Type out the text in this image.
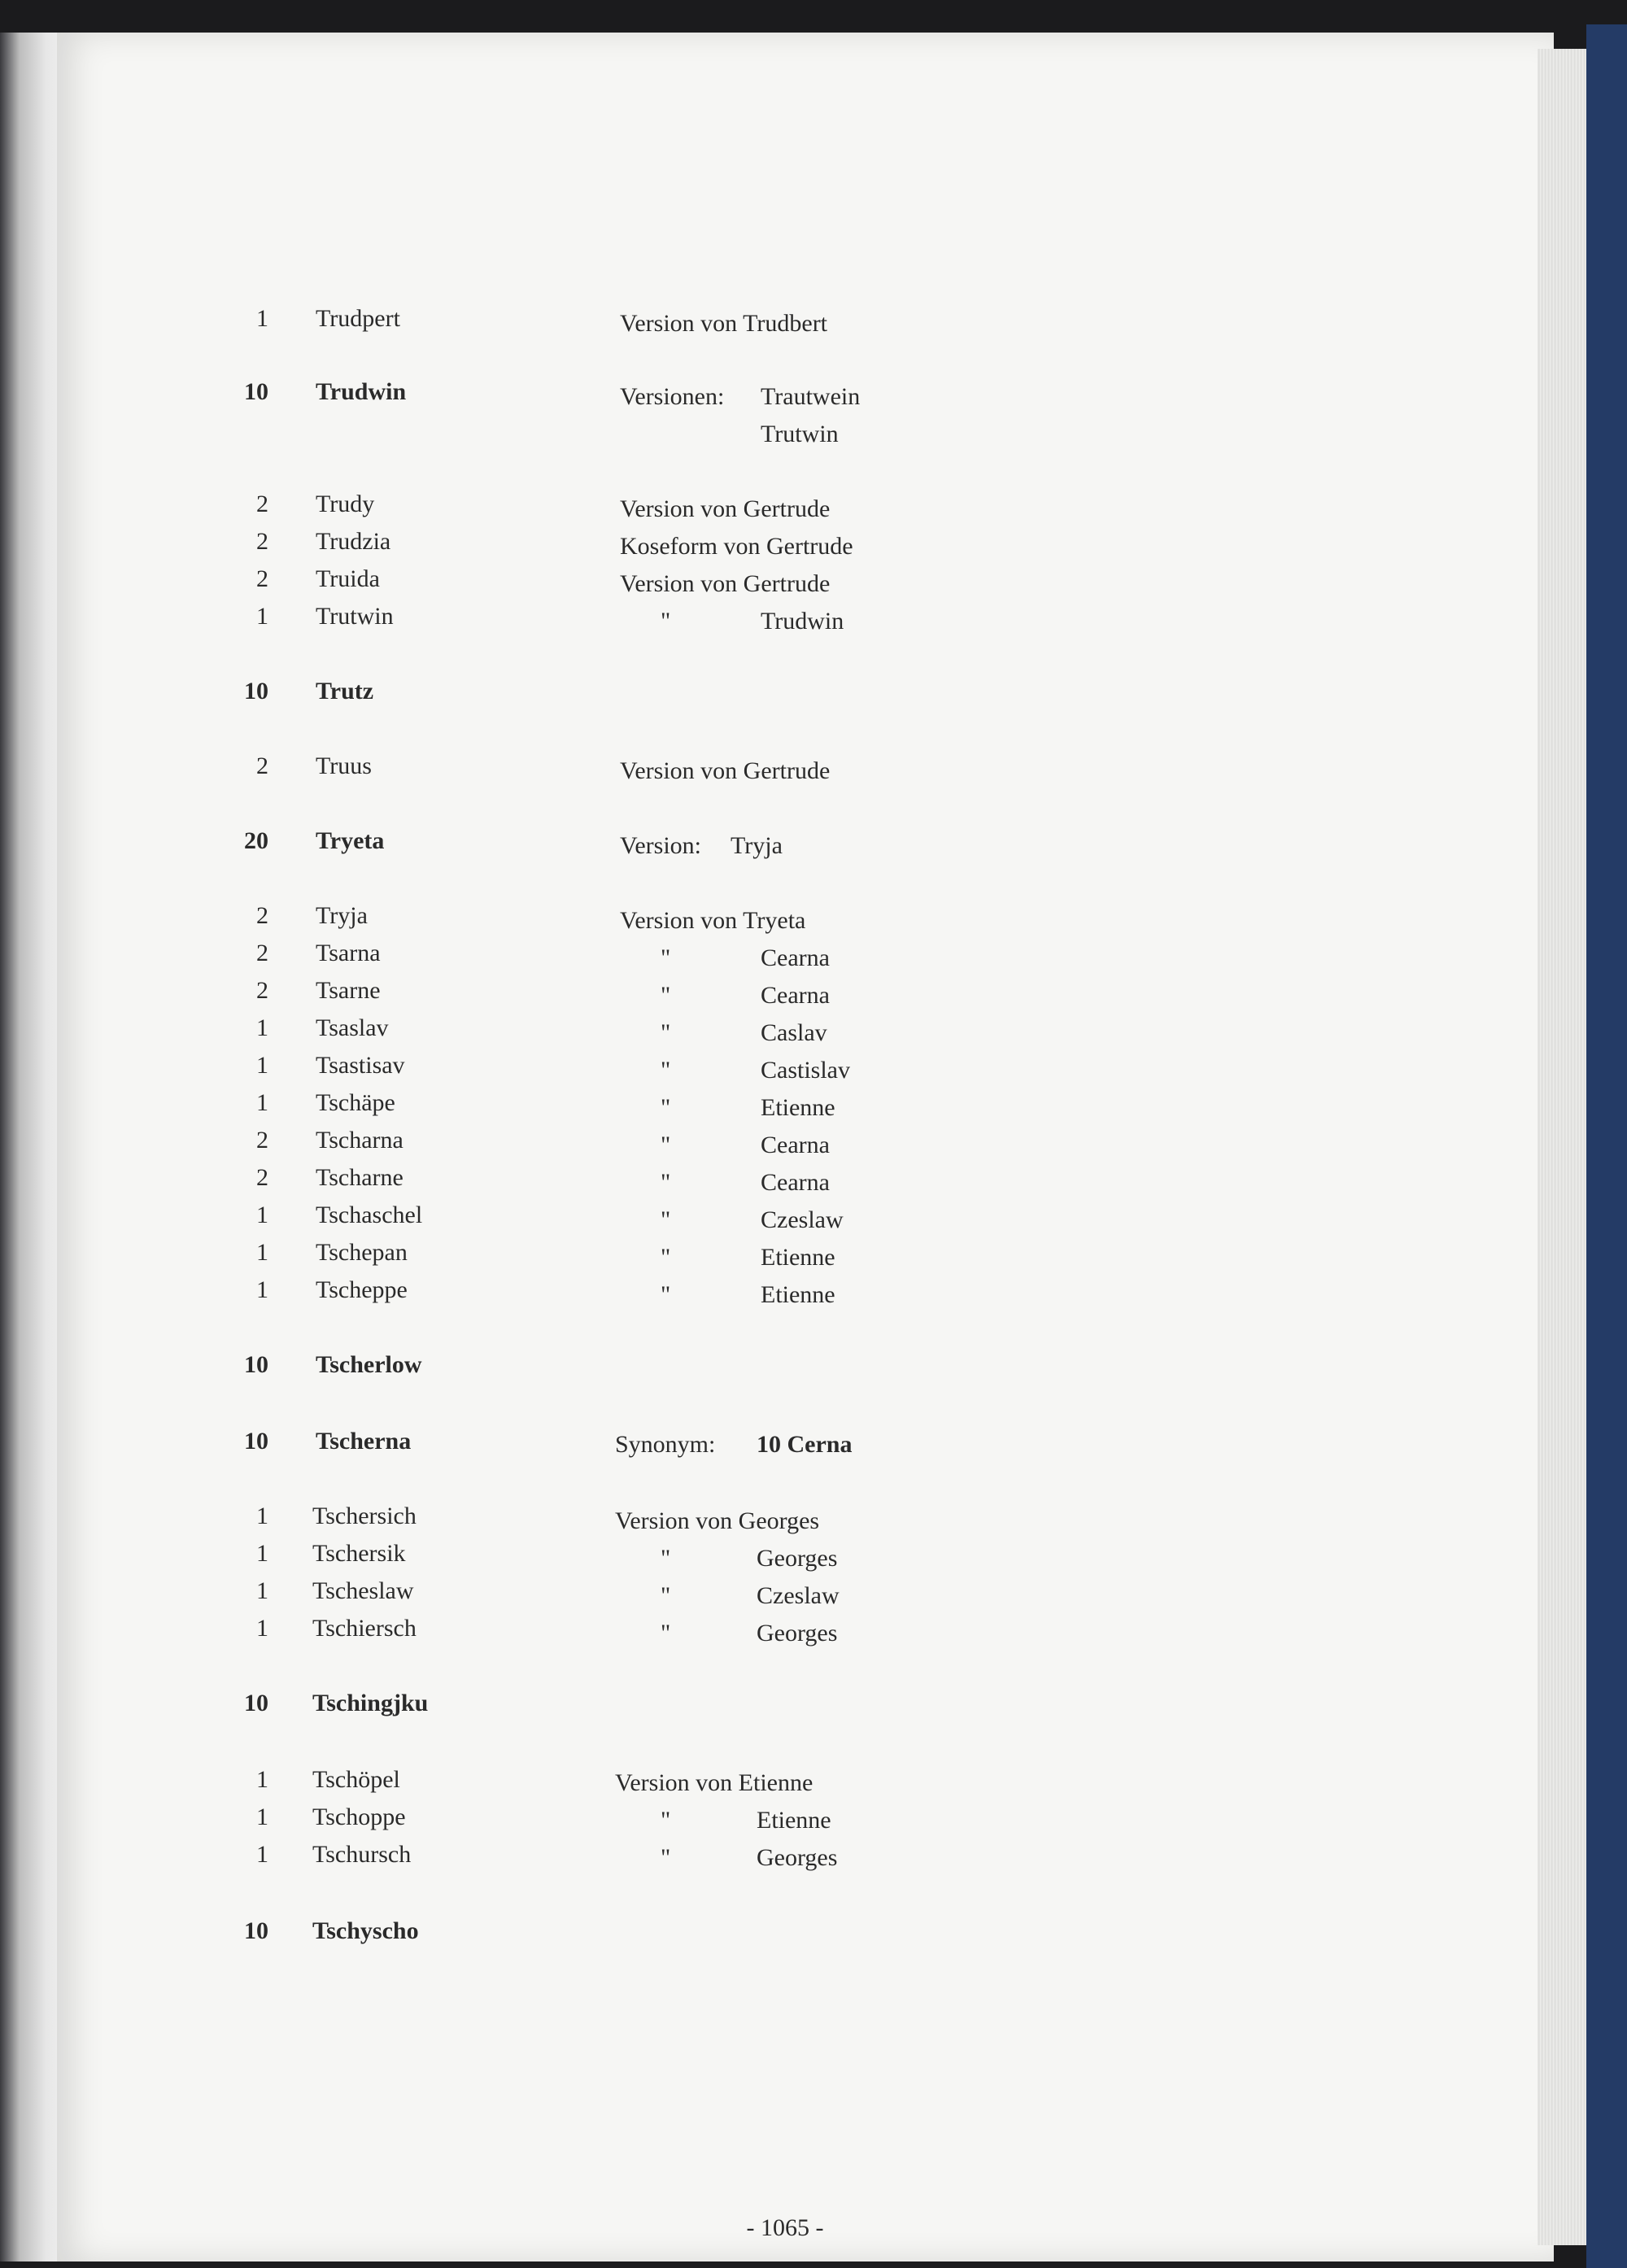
1 Trudpert	Version von Trudbert
10 Trudwin	Versionen: Trautwein
Trutwin
2 Trudy	Version von Gertrude
2 Trudzia	Koseform von Gertrude
2 Truida	Version von Gertrude
1 Trutwin	"	Trudwin
10 Trutz
2 Truus	Version von Gertrude
20 Tryeta	Version: Tryja
2 Tryja	Version von Tryeta
2 Tsarna	"	Cearna
2 Tsarne	"	Cearna
1 Tsaslav	"	Caslav
1 Tsastisav	"	Castislav
1 Tschäpe	"	Etienne
2 Tscharna	"	Cearna
2 Tscharne	"	Cearna
1 Tschaschel	"	Czeslaw
1 Tschepan	"	Etienne
1 Tscheppe	"	Etienne
10 Tscherlow
10 Tscherna	Synonym: 10 Cerna
1 Tschersich	Version von Georges
1 Tschersik	"	Georges
1 Tscheslaw	"	Czeslaw
1 Tschiersch	"	Georges
10 Tschingjku
1 Tschöpel	Version von Etienne
1 Tschoppe	"	Etienne
1 Tschursch	"	Georges
10 Tschyscho
- 1065 -
